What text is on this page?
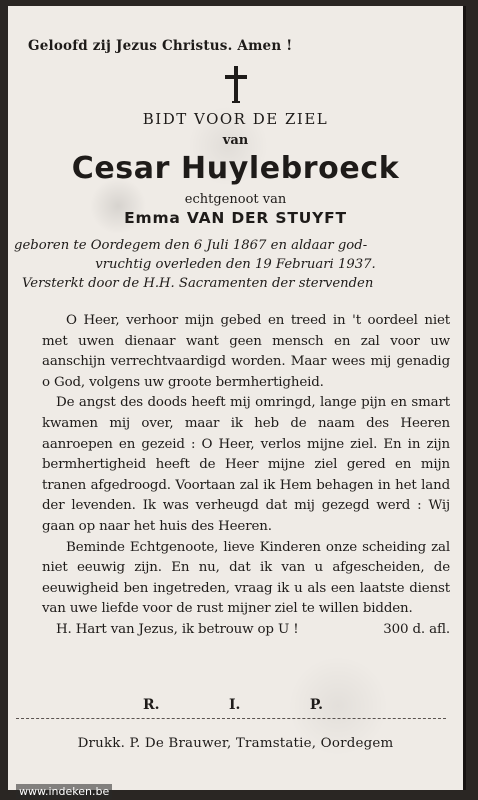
Geloofd zij Jezus Christus. Amen !
BIDT VOOR DE ZIEL
van
Cesar Huylebroeck
echtgenoot van
Emma VAN DER STUYFT
geboren te Oordegem den 6 Juli 1867 en aldaar god-
vruchtig overleden den 19 Februari 1937.
Versterkt door de H.H. Sacramenten der stervenden

O Heer, verhoor mijn gebed en treed in 't oordeel niet met uwen dienaar want geen mensch en zal voor uw aanschijn verrechtvaardigd worden. Maar wees mij genadig o God, volgens uw groote bermhertigheid.

De angst des doods heeft mij omringd, lange pijn en smart kwamen mij over, maar ik heb de naam des Heeren aanroepen en gezeid : O Heer, verlos mijne ziel. En in zijn bermhertigheid heeft de Heer mijne ziel gered en mijn tranen afgedroogd. Voortaan zal ik Hem behagen in het land der levenden. Ik was verheugd dat mij gezegd werd : Wij gaan op naar het huis des Heeren.

Beminde Echtgenoote, lieve Kinderen onze scheiding zal niet eeuwig zijn. En nu, dat ik van u afgescheiden, de eeuwigheid ben ingetreden, vraag ik u als een laatste dienst van uwe liefde voor de rust mijner ziel te willen bidden.

H. Hart van Jezus, ik betrouw op U !	300 d. afl.

R.	I.	P.
Drukk. P. De Brauwer, Tramstatie, Oordegem
www.indeken.be
